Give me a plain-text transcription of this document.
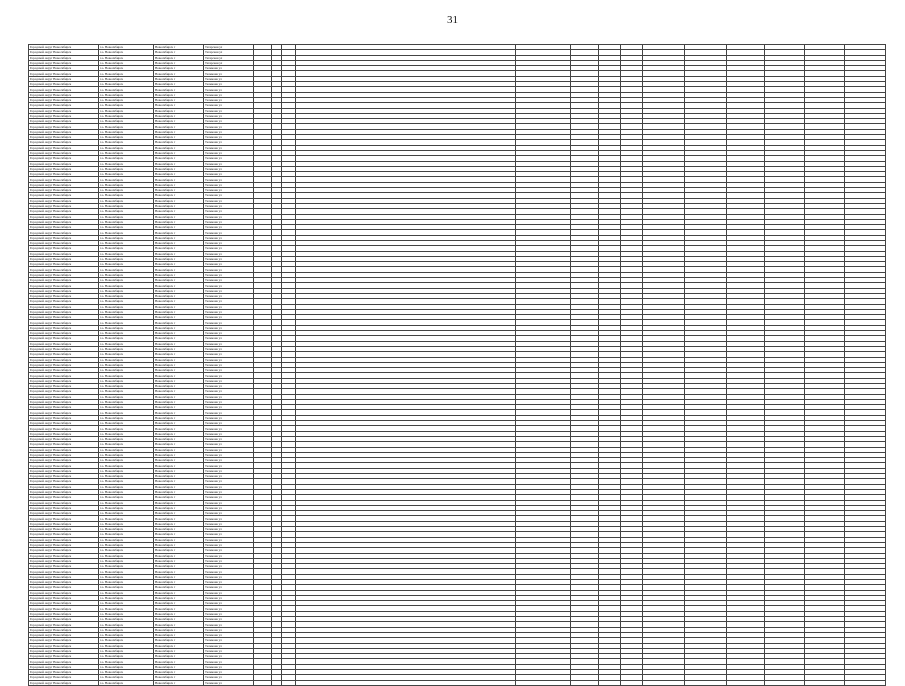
31
Городской округ Новосибирск	г.о. Новосибирск	Новосибирск г	Татарская ул														
Городской округ Новосибирск	г.о. Новосибирск	Новосибирск г	Татарская ул														
Городской округ Новосибирск	г.о. Новосибирск	Новосибирск г	Татарская ул														
Городской округ Новосибирск	г.о. Новосибирск	Новосибирск г	Татарская ул														
Городской округ Новосибирск	г.о. Новосибирск	Новосибирск г	Тельмана ул														
Городской округ Новосибирск	г.о. Новосибирск	Новосибирск г	Тельмана ул														
Городской округ Новосибирск	г.о. Новосибирск	Новосибирск г	Тельмана ул														
Городской округ Новосибирск	г.о. Новосибирск	Новосибирск г	Тельмана ул														
Городской округ Новосибирск	г.о. Новосибирск	Новосибирск г	Тельмана ул														
Городской округ Новосибирск	г.о. Новосибирск	Новосибирск г	Тельмана ул														
Городской округ Новосибирск	г.о. Новосибирск	Новосибирск г	Тельмана ул														
Городской округ Новосибирск	г.о. Новосибирск	Новосибирск г	Тельмана ул														
Городской округ Новосибирск	г.о. Новосибирск	Новосибирск г	Тельмана ул														
Городской округ Новосибирск	г.о. Новосибирск	Новосибирск г	Тельмана ул														
Городской округ Новосибирск	г.о. Новосибирск	Новосибирск г	Тельмана ул														
Городской округ Новосибирск	г.о. Новосибирск	Новосибирск г	Тельмана ул														
Городской округ Новосибирск	г.о. Новосибирск	Новосибирск г	Тельмана ул														
Городской округ Новосибирск	г.о. Новосибирск	Новосибирск г	Тельмана ул														
Городской округ Новосибирск	г.о. Новосибирск	Новосибирск г	Тельмана ул														
Городской округ Новосибирск	г.о. Новосибирск	Новосибирск г	Тельмана ул														
Городской округ Новосибирск	г.о. Новосибирск	Новосибирск г	Тельмана ул														
Городской округ Новосибирск	г.о. Новосибирск	Новосибирск г	Тельмана ул														
Городской округ Новосибирск	г.о. Новосибирск	Новосибирск г	Тельмана ул														
Городской округ Новосибирск	г.о. Новосибирск	Новосибирск г	Тельмана ул														
Городской округ Новосибирск	г.о. Новосибирск	Новосибирск г	Тельмана ул														
Городской округ Новосибирск	г.о. Новосибирск	Новосибирск г	Тельмана ул														
Городской округ Новосибирск	г.о. Новосибирск	Новосибирск г	Тельмана ул														
Городской округ Новосибирск	г.о. Новосибирск	Новосибирск г	Тельмана ул														
Городской округ Новосибирск	г.о. Новосибирск	Новосибирск г	Тельмана ул														
Городской округ Новосибирск	г.о. Новосибирск	Новосибирск г	Тельмана ул														
Городской округ Новосибирск	г.о. Новосибирск	Новосибирск г	Тельмана ул														
Городской округ Новосибирск	г.о. Новосибирск	Новосибирск г	Тельмана ул														
Городской округ Новосибирск	г.о. Новосибирск	Новосибирск г	Тельмана ул														
Городской округ Новосибирск	г.о. Новосибирск	Новосибирск г	Тельмана ул														
Городской округ Новосибирск	г.о. Новосибирск	Новосибирск г	Тельмана ул														
Городской округ Новосибирск	г.о. Новосибирск	Новосибирск г	Тельмана ул														
Городской округ Новосибирск	г.о. Новосибирск	Новосибирск г	Тельмана ул														
Городской округ Новосибирск	г.о. Новосибирск	Новосибирск г	Тельмана ул														
Городской округ Новосибирск	г.о. Новосибирск	Новосибирск г	Тельмана ул														
Городской округ Новосибирск	г.о. Новосибирск	Новосибирск г	Тельмана ул														
Городской округ Новосибирск	г.о. Новосибирск	Новосибирск г	Тельмана ул														
Городской округ Новосибирск	г.о. Новосибирск	Новосибирск г	Тельмана ул														
Городской округ Новосибирск	г.о. Новосибирск	Новосибирск г	Тельмана ул														
Городской округ Новосибирск	г.о. Новосибирск	Новосибирск г	Тельмана ул														
Городской округ Новосибирск	г.о. Новосибирск	Новосибирск г	Тельмана ул														
Городской округ Новосибирск	г.о. Новосибирск	Новосибирск г	Тельмана ул														
Городской округ Новосибирск	г.о. Новосибирск	Новосибирск г	Тельмана ул														
Городской округ Новосибирск	г.о. Новосибирск	Новосибирск г	Тельмана ул														
Городской округ Новосибирск	г.о. Новосибирск	Новосибирск г	Тельмана ул														
Городской округ Новосибирск	г.о. Новосибирск	Новосибирск г	Тельмана ул														
Городской округ Новосибирск	г.о. Новосибирск	Новосибирск г	Тельмана ул														
Городской округ Новосибирск	г.о. Новосибирск	Новосибирск г	Тельмана ул														
Городской округ Новосибирск	г.о. Новосибирск	Новосибирск г	Тельмана ул														
Городской округ Новосибирск	г.о. Новосибирск	Новосибирск г	Тельмана ул														
Городской округ Новосибирск	г.о. Новосибирск	Новосибирск г	Тельмана ул														
Городской округ Новосибирск	г.о. Новосибирск	Новосибирск г	Тельмана ул														
Городской округ Новосибирск	г.о. Новосибирск	Новосибирск г	Тельмана ул														
Городской округ Новосибирск	г.о. Новосибирск	Новосибирск г	Тельмана ул														
Городской округ Новосибирск	г.о. Новосибирск	Новосибирск г	Тельмана ул														
Городской округ Новосибирск	г.о. Новосибирск	Новосибирск г	Тельмана ул														
Городской округ Новосибирск	г.о. Новосибирск	Новосибирск г	Тельмана ул														
Городской округ Новосибирск	г.о. Новосибирск	Новосибирск г	Тельмана ул														
Городской округ Новосибирск	г.о. Новосибирск	Новосибирск г	Тельмана ул														
Городской округ Новосибирск	г.о. Новосибирск	Новосибирск г	Тельмана ул														
Городской округ Новосибирск	г.о. Новосибирск	Новосибирск г	Тельмана ул														
Городской округ Новосибирск	г.о. Новосибирск	Новосибирск г	Тельмана ул														
Городской округ Новосибирск	г.о. Новосибирск	Новосибирск г	Тельмана ул														
Городской округ Новосибирск	г.о. Новосибирск	Новосибирск г	Тельмана ул														
Городской округ Новосибирск	г.о. Новосибирск	Новосибирск г	Тельмана ул														
Городской округ Новосибирск	г.о. Новосибирск	Новосибирск г	Тельмана ул														
Городской округ Новосибирск	г.о. Новосибирск	Новосибирск г	Тельмана ул														
Городской округ Новосибирск	г.о. Новосибирск	Новосибирск г	Тельмана ул														
Городской округ Новосибирск	г.о. Новосибирск	Новосибирск г	Тельмана ул														
Городской округ Новосибирск	г.о. Новосибирск	Новосибирск г	Тельмана ул														
Городской округ Новосибирск	г.о. Новосибирск	Новосибирск г	Тельмана ул														
Городской округ Новосибирск	г.о. Новосибирск	Новосибирск г	Тельмана ул														
Городской округ Новосибирск	г.о. Новосибирск	Новосибирск г	Тельмана ул														
Городской округ Новосибирск	г.о. Новосибирск	Новосибирск г	Тельмана ул														
Городской округ Новосибирск	г.о. Новосибирск	Новосибирск г	Тельмана ул														
Городской округ Новосибирск	г.о. Новосибирск	Новосибирск г	Тельмана ул														
Городской округ Новосибирск	г.о. Новосибирск	Новосибирск г	Тельмана ул														
Городской округ Новосибирск	г.о. Новосибирск	Новосибирск г	Тельмана ул														
Городской округ Новосибирск	г.о. Новосибирск	Новосибирск г	Тельмана ул														
Городской округ Новосибирск	г.о. Новосибирск	Новосибирск г	Тельмана ул														
Городской округ Новосибирск	г.о. Новосибирск	Новосибирск г	Тельмана ул														
Городской округ Новосибирск	г.о. Новосибирск	Новосибирск г	Тельмана ул														
Городской округ Новосибирск	г.о. Новосибирск	Новосибирск г	Тельмана ул														
Городской округ Новосибирск	г.о. Новосибирск	Новосибирск г	Тельмана ул														
Городской округ Новосибирск	г.о. Новосибирск	Новосибирск г	Тельмана ул														
Городской округ Новосибирск	г.о. Новосибирск	Новосибирск г	Тельмана ул														
Городской округ Новосибирск	г.о. Новосибирск	Новосибирск г	Тельмана ул														
Городской округ Новосибирск	г.о. Новосибирск	Новосибирск г	Тельмана ул														
Городской округ Новосибирск	г.о. Новосибирск	Новосибирск г	Тельмана ул														
Городской округ Новосибирск	г.о. Новосибирск	Новосибирск г	Тельмана ул														
Городской округ Новосибирск	г.о. Новосибирск	Новосибирск г	Тельмана ул														
Городской округ Новосибирск	г.о. Новосибирск	Новосибирск г	Тельмана ул														
Городской округ Новосибирск	г.о. Новосибирск	Новосибирск г	Тельмана ул														
Городской округ Новосибирск	г.о. Новосибирск	Новосибирск г	Тельмана ул														
Городской округ Новосибирск	г.о. Новосибирск	Новосибирск г	Тельмана ул														
Городской округ Новосибирск	г.о. Новосибирск	Новосибирск г	Тельмана ул														
Городской округ Новосибирск	г.о. Новосибирск	Новосибирск г	Тельмана ул														
Городской округ Новосибирск	г.о. Новосибирск	Новосибирск г	Тельмана ул														
Городской округ Новосибирск	г.о. Новосибирск	Новосибирск г	Тельмана ул														
Городской округ Новосибирск	г.о. Новосибирск	Новосибирск г	Тельмана ул														
Городской округ Новосибирск	г.о. Новосибирск	Новосибирск г	Тельмана ул														
Городской округ Новосибирск	г.о. Новосибирск	Новосибирск г	Тельмана ул														
Городской округ Новосибирск	г.о. Новосибирск	Новосибирск г	Тельмана ул														
Городской округ Новосибирск	г.о. Новосибирск	Новосибирск г	Тельмана ул														
Городской округ Новосибирск	г.о. Новосибирск	Новосибирск г	Тельмана ул														
Городской округ Новосибирск	г.о. Новосибирск	Новосибирск г	Тельмана ул														
Городской округ Новосибирск	г.о. Новосибирск	Новосибирск г	Тельмана ул														
Городской округ Новосибирск	г.о. Новосибирск	Новосибирск г	Тельмана ул														
Городской округ Новосибирск	г.о. Новосибирск	Новосибирск г	Тельмана ул														
Городской округ Новосибирск	г.о. Новосибирск	Новосибирск г	Тельмана ул														
Городской округ Новосибирск	г.о. Новосибирск	Новосибирск г	Тельмана ул														
Городской округ Новосибирск	г.о. Новосибирск	Новосибирск г	Тельмана ул														
Городской округ Новосибирск	г.о. Новосибирск	Новосибирск г	Тельмана ул														
Городской округ Новосибирск	г.о. Новосибирск	Новосибирск г	Тельмана ул														
Городской округ Новосибирск	г.о. Новосибирск	Новосибирск г	Тельмана ул														
Городской округ Новосибирск	г.о. Новосибирск	Новосибирск г	Тельмана ул														
Городской округ Новосибирск	г.о. Новосибирск	Новосибирск г	Тельмана ул														
